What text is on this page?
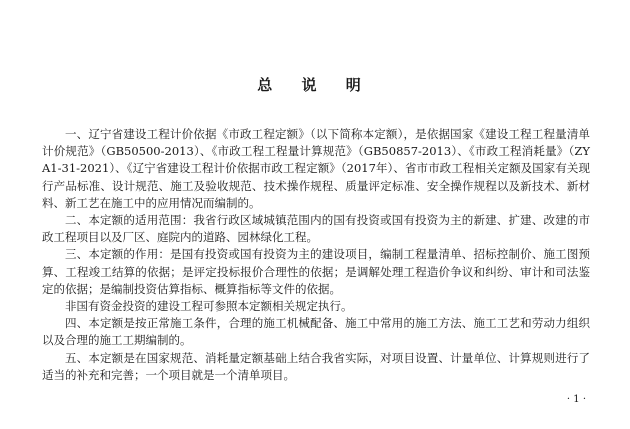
总 说 明

一、辽宁省建设工程计价依据《市政工程定额》（以下简称本定额），是依据国家《建设工程工程量清单计价规范》（GB50500-2013）、《市政工程工程量计算规范》（GB50857-2013）、《市政工程消耗量》（ZYA1-31-2021）、《辽宁省建设工程计价依据市政工程定额》（2017年）、省市市政工程相关定额及国家有关现行产品标准、设计规范、施工及验收规范、技术操作规程、质量评定标准、安全操作规程以及新技术、新材料、新工艺在施工中的应用情况而编制的。

二、本定额的适用范围：我省行政区域城镇范围内的国有投资或国有投资为主的新建、扩建、改建的市政工程项目以及厂区、庭院内的道路、园林绿化工程。

三、本定额的作用：是国有投资或国有投资为主的建设项目，编制工程量清单、招标控制价、施工图预算、工程竣工结算的依据；是评定投标报价合理性的依据；是调解处理工程造价争议和纠纷、审计和司法鉴定的依据；是编制投资估算指标、概算指标等文件的依据。

非国有资金投资的建设工程可参照本定额相关规定执行。

四、本定额是按正常施工条件，合理的施工机械配备、施工中常用的施工方法、施工工艺和劳动力组织以及合理的施工工期编制的。

五、本定额是在国家规范、消耗量定额基础上结合我省实际，对项目设置、计量单位、计算规则进行了适当的补充和完善；一个项目就是一个清单项目。

· 1 ·
